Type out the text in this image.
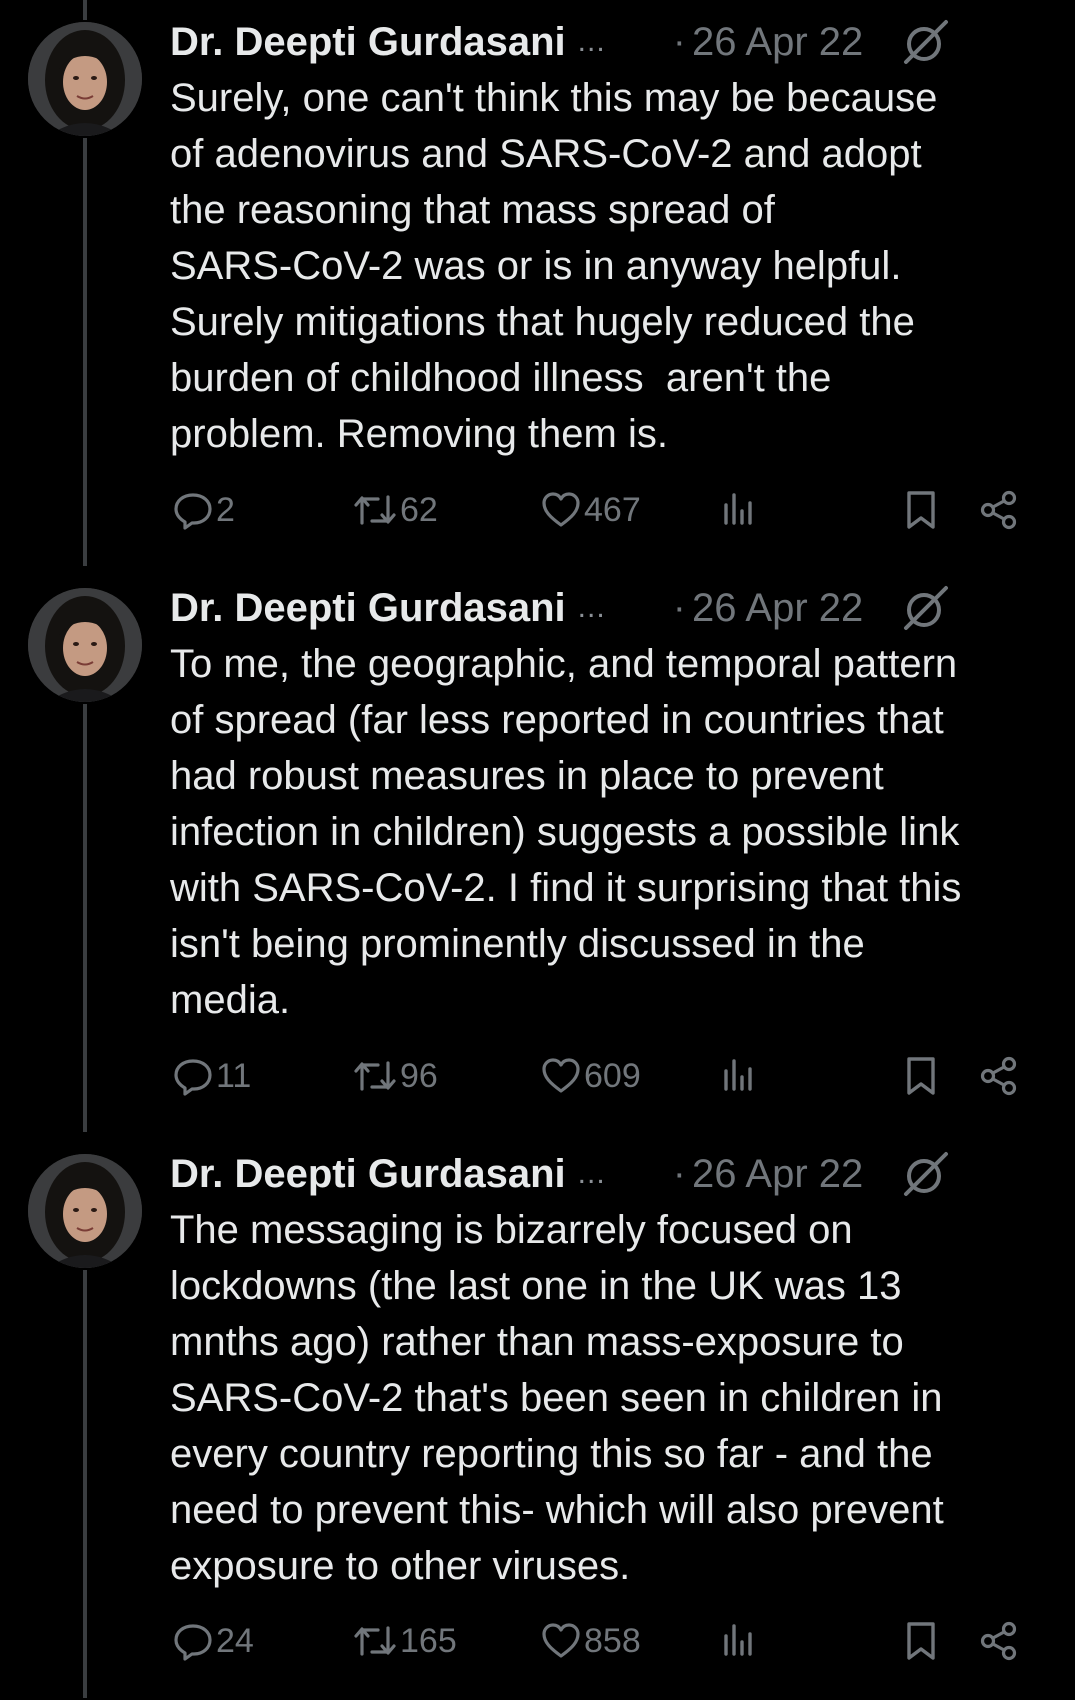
Dr. Deepti Gurdasani ... · 26 Apr 22
Surely, one can't think this may be because
of adenovirus and SARS-CoV-2 and adopt
the reasoning that mass spread of
SARS-CoV-2 was or is in anyway helpful.
Surely mitigations that hugely reduced the
burden of childhood illness  aren't the
problem. Removing them is.
2	62	467
Dr. Deepti Gurdasani ... · 26 Apr 22
To me, the geographic, and temporal pattern
of spread (far less reported in countries that
had robust measures in place to prevent
infection in children) suggests a possible link
with SARS-CoV-2. I find it surprising that this
isn't being prominently discussed in the
media.
11	96	609
Dr. Deepti Gurdasani ... · 26 Apr 22
The messaging is bizarrely focused on
lockdowns (the last one in the UK was 13
mnths ago) rather than mass-exposure to
SARS-CoV-2 that's been seen in children in
every country reporting this so far - and the
need to prevent this- which will also prevent
exposure to other viruses.
24	165	858
